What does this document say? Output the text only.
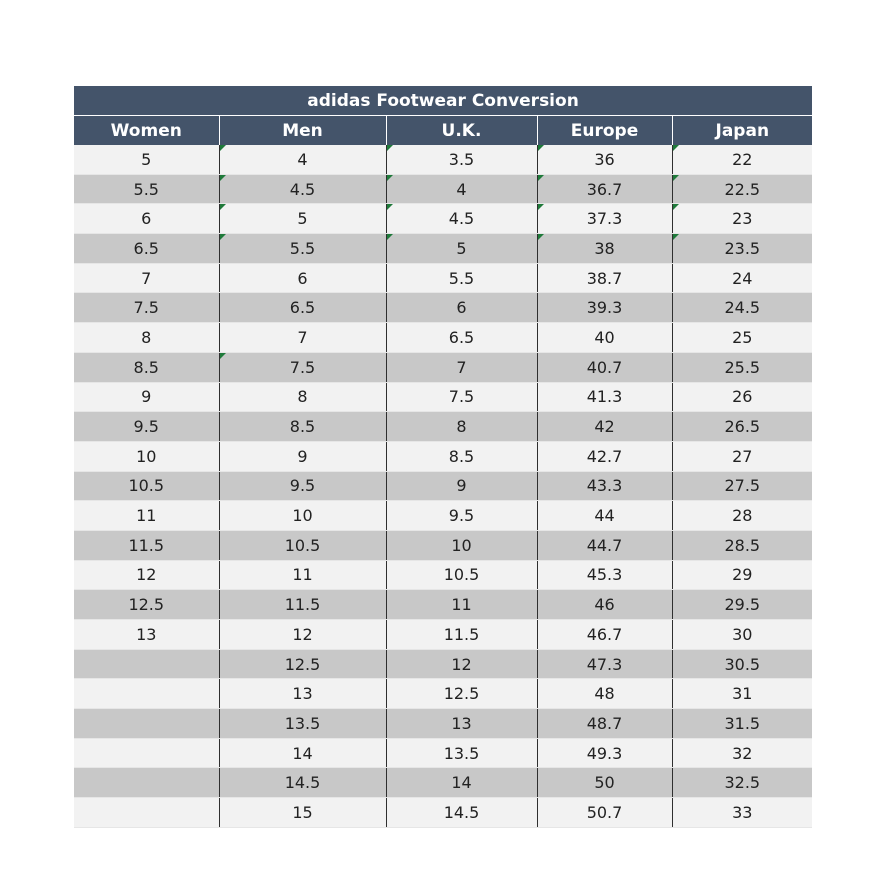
adidas Footwear Conversion				
Women	Men	U.K.	Europe	Japan
5	4	3.5	36	22
5.5	4.5	4	36.7	22.5
6	5	4.5	37.3	23
6.5	5.5	5	38	23.5
7	6	5.5	38.7	24
7.5	6.5	6	39.3	24.5
8	7	6.5	40	25
8.5	7.5	7	40.7	25.5
9	8	7.5	41.3	26
9.5	8.5	8	42	26.5
10	9	8.5	42.7	27
10.5	9.5	9	43.3	27.5
11	10	9.5	44	28
11.5	10.5	10	44.7	28.5
12	11	10.5	45.3	29
12.5	11.5	11	46	29.5
13	12	11.5	46.7	30
	12.5	12	47.3	30.5
	13	12.5	48	31
	13.5	13	48.7	31.5
	14	13.5	49.3	32
	14.5	14	50	32.5
	15	14.5	50.7	33
